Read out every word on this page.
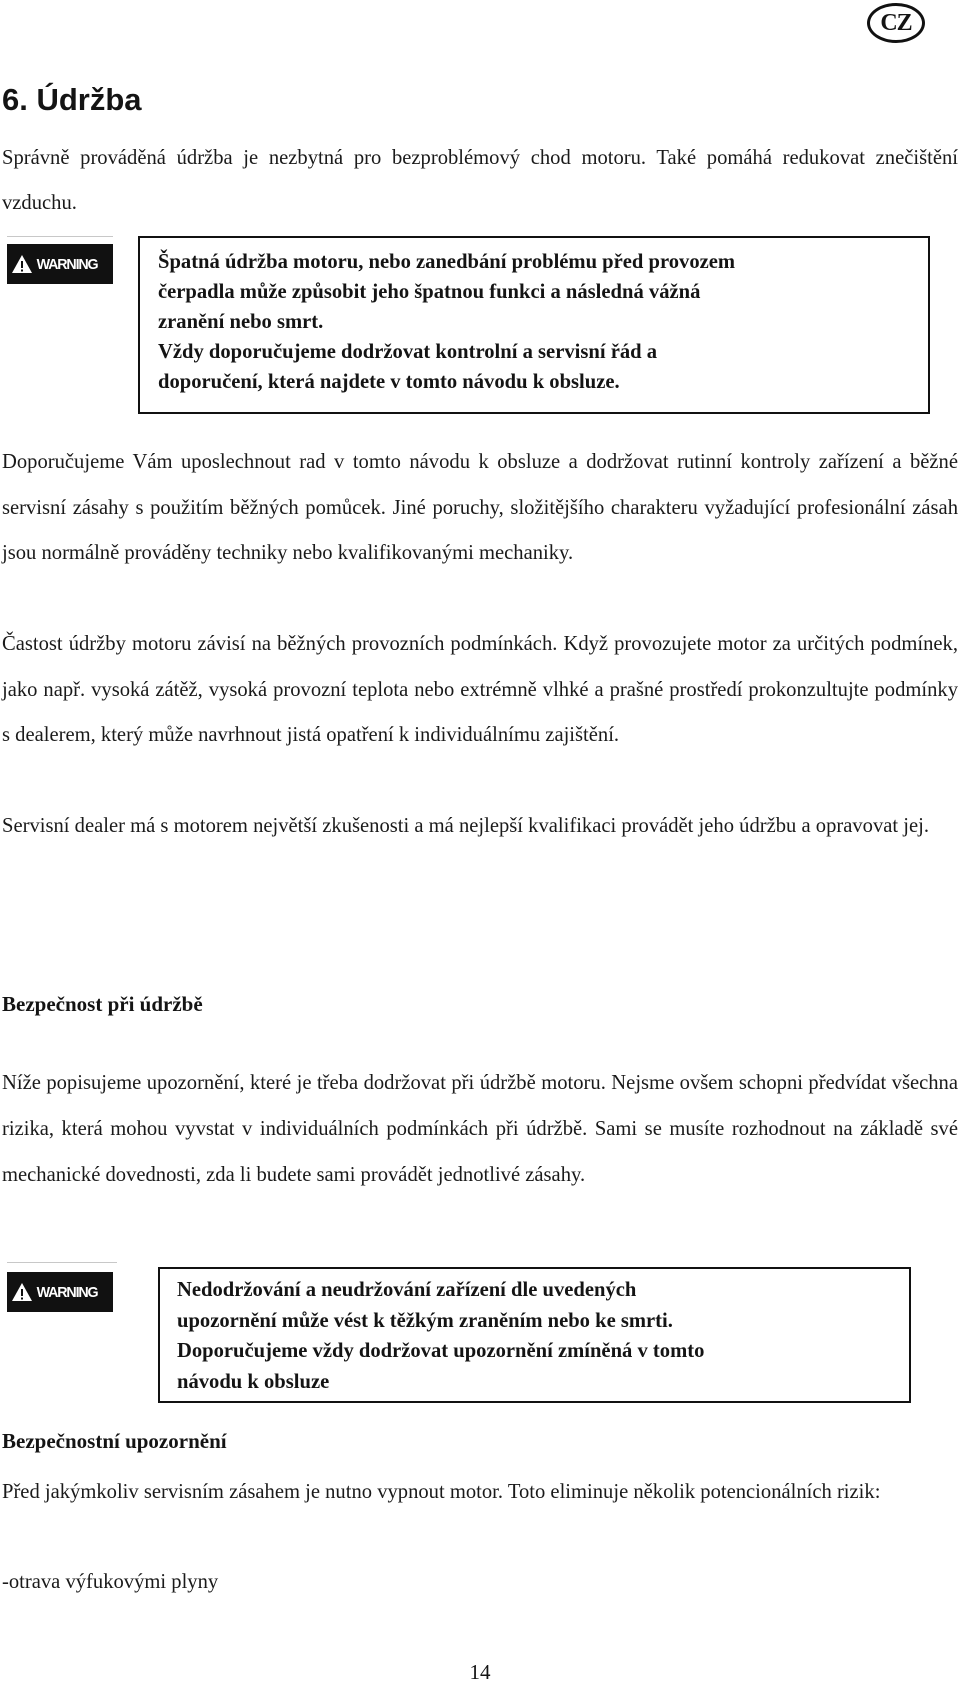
CZ
6. Údržba

Správně prováděná údržba je nezbytná pro bezproblémový chod motoru. Také pomáhá redukovat znečištění vzduchu.

WARNING	Špatná údržba motoru, nebo zanedbání problému před provozem

čerpadla může způsobit jeho špatnou funkci a následná vážná

zranění nebo smrt.

Vždy doporučujeme dodržovat kontrolní a servisní řád a

doporučení, která najdete v tomto návodu k obsluze.

Doporučujeme Vám uposlechnout rad v tomto návodu k obsluze a dodržovat rutinní kontroly zařízení a běžné servisní zásahy s použitím běžných pomůcek. Jiné poruchy, složitějšího charakteru vyžadující profesionální zásah jsou normálně prováděny techniky nebo kvalifikovanými mechaniky.

Častost údržby motoru závisí na běžných provozních podmínkách. Když provozujete motor za určitých podmínek, jako např. vysoká zátěž, vysoká provozní teplota nebo extrémně vlhké a prašné prostředí prokonzultujte podmínky s dealerem, který může navrhnout jistá opatření k individuálnímu zajištění.

Servisní dealer má s motorem největší zkušenosti a má nejlepší kvalifikaci provádět jeho údržbu a opravovat jej.

Bezpečnost při údržbě

Níže popisujeme upozornění, které je třeba dodržovat při údržbě motoru. Nejsme ovšem schopni předvídat všechna rizika, která mohou vyvstat v individuálních podmínkách při údržbě. Sami se musíte rozhodnout na základě své mechanické dovednosti, zda li budete sami provádět jednotlivé zásahy.

WARNING	Nedodržování a neudržování zařízení dle uvedených

upozornění může vést k těžkým zraněním nebo ke smrti.

Doporučujeme vždy dodržovat upozornění zmíněná v tomto

návodu k obsluze

Bezpečnostní upozornění

Před jakýmkoliv servisním zásahem je nutno vypnout motor. Toto eliminuje několik potencionálních rizik:

-otrava výfukovými plyny

14
